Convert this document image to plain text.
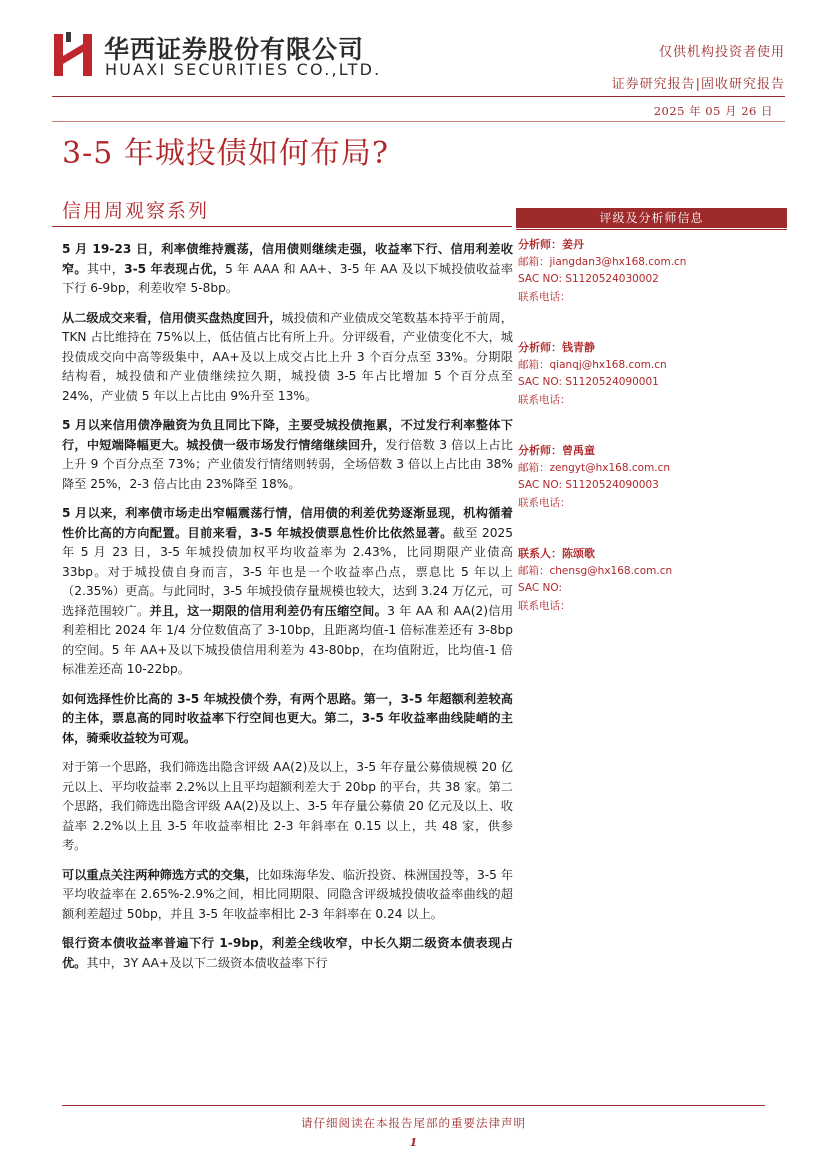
华西证券股份有限公司
HUAXI SECURITIES CO.,LTD.
仅供机构投资者使用
证券研究报告|固收研究报告
2025 年 05 月 26 日
3-5 年城投债如何布局?
信用周观察系列

5 月 19-23 日，利率债维持震荡，信用债则继续走强，收益率下行、信用利差收窄。其中，3-5 年表现占优，5 年 AAA 和 AA+、3-5 年 AA 及以下城投债收益率下行 6-9bp，利差收窄 5-8bp。

从二级成交来看，信用债买盘热度回升，城投债和产业债成交笔数基本持平于前周，TKN 占比维持在 75%以上，低估值占比有所上升。分评级看，产业债变化不大，城投债成交向中高等级集中，AA+及以上成交占比上升 3 个百分点至 33%。分期限结构看，城投债和产业债继续拉久期，城投债 3-5 年占比增加 5 个百分点至 24%，产业债 5 年以上占比由 9%升至 13%。

5 月以来信用债净融资为负且同比下降，主要受城投债拖累，不过发行利率整体下行，中短端降幅更大。城投债一级市场发行情绪继续回升，发行倍数 3 倍以上占比上升 9 个百分点至 73%；产业债发行情绪则转弱，全场倍数 3 倍以上占比由 38%降至 25%，2-3 倍占比由 23%降至 18%。

5 月以来，利率债市场走出窄幅震荡行情，信用债的利差优势逐渐显现，机构循着性价比高的方向配置。目前来看，3-5 年城投债票息性价比依然显著。截至 2025 年 5 月 23 日，3-5 年城投债加权平均收益率为 2.43%，比同期限产业债高 33bp。对于城投债自身而言，3-5 年也是一个收益率凸点，票息比 5 年以上（2.35%）更高。与此同时，3-5 年城投债存量规模也较大，达到 3.24 万亿元，可选择范围较广。并且，这一期限的信用利差仍有压缩空间。3 年 AA 和 AA(2)信用利差相比 2024 年 1/4 分位数值高了 3-10bp，且距离均值-1 倍标准差还有 3-8bp 的空间。5 年 AA+及以下城投债信用利差为 43-80bp，在均值附近，比均值-1 倍标准差还高 10-22bp。

如何选择性价比高的 3-5 年城投债个券，有两个思路。第一，3-5 年超额利差较高的主体，票息高的同时收益率下行空间也更大。第二，3-5 年收益率曲线陡峭的主体，骑乘收益较为可观。

对于第一个思路，我们筛选出隐含评级 AA(2)及以上，3-5 年存量公募债规模 20 亿元以上、平均收益率 2.2%以上且平均超额利差大于 20bp 的平台，共 38 家。第二个思路，我们筛选出隐含评级 AA(2)及以上、3-5 年存量公募债 20 亿元及以上、收益率 2.2%以上且 3-5 年收益率相比 2-3 年斜率在 0.15 以上，共 48 家，供参考。

可以重点关注两种筛选方式的交集，比如珠海华发、临沂投资、株洲国投等，3-5 年平均收益率在 2.65%-2.9%之间，相比同期限、同隐含评级城投债收益率曲线的超额利差超过 50bp，并且 3-5 年收益率相比 2-3 年斜率在 0.24 以上。

银行资本债收益率普遍下行 1-9bp，利差全线收窄，中长久期二级资本债表现占优。其中，3Y AA+及以下二级资本债收益率下行

评级及分析师信息
分析师：姜丹
邮箱：jiangdan3@hx168.com.cn
SAC NO: S1120524030002
联系电话：
分析师：钱青静
邮箱：qianqj@hx168.com.cn
SAC NO: S1120524090001
联系电话：
分析师：曾禹童
邮箱：zengyt@hx168.com.cn
SAC NO: S1120524090003
联系电话：
联系人：陈颂歌
邮箱：chensg@hx168.com.cn
SAC NO:
联系电话：
请仔细阅读在本报告尾部的重要法律声明
1
